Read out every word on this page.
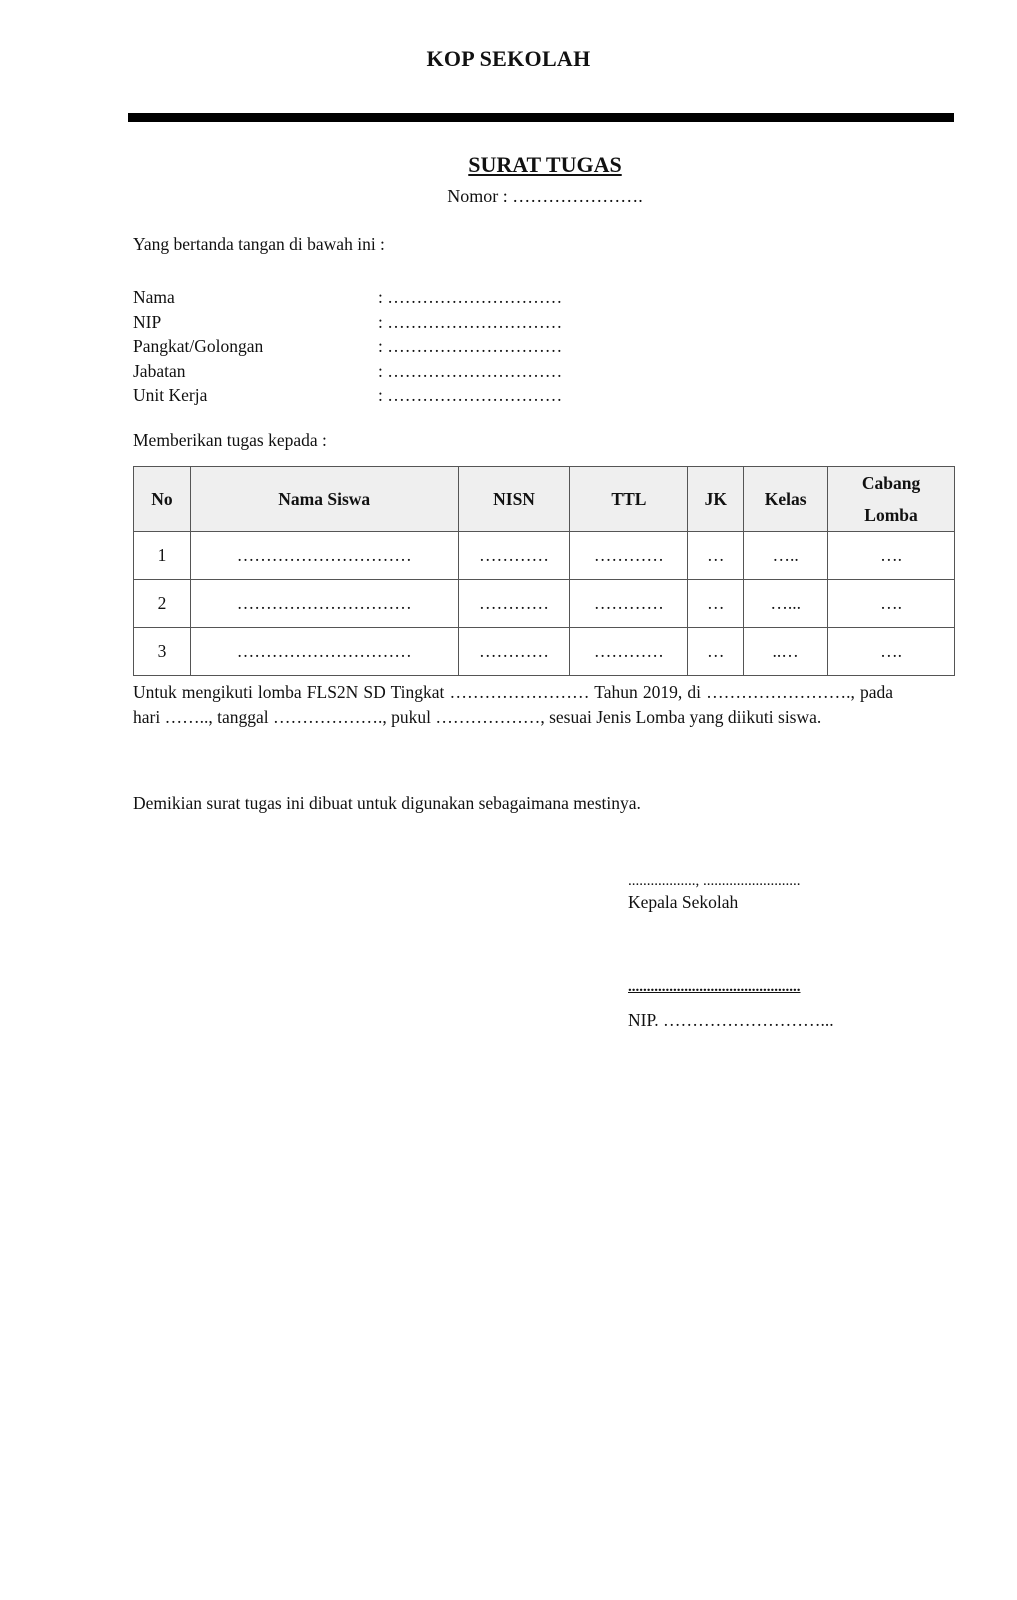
KOP SEKOLAH
SURAT TUGAS
Nomor : ………………….
Yang bertanda tangan di bawah ini :
Nama	: …………………………
NIP	: …………………………
Pangkat/Golongan	: …………………………
Jabatan	: …………………………
Unit Kerja	: …………………………
Memberikan tugas kepada :
No	Nama Siswa	NISN	TTL	JK	Kelas	Cabang Lomba
1	…………………………	…………	…………	…	…..	….
2	…………………………	…………	…………	…	…...	….
3	…………………………	…………	…………	…	..…	….
Untuk mengikuti lomba FLS2N SD Tingkat …………………… Tahun 2019, di ……………………., pada hari …….., tanggal ………………., pukul ………………, sesuai Jenis Lomba yang diikuti siswa.
Demikian surat tugas ini dibuat untuk digunakan sebagaimana mestinya.
.................., ..........................
Kepala Sekolah
..............................................
NIP. ………………………...
